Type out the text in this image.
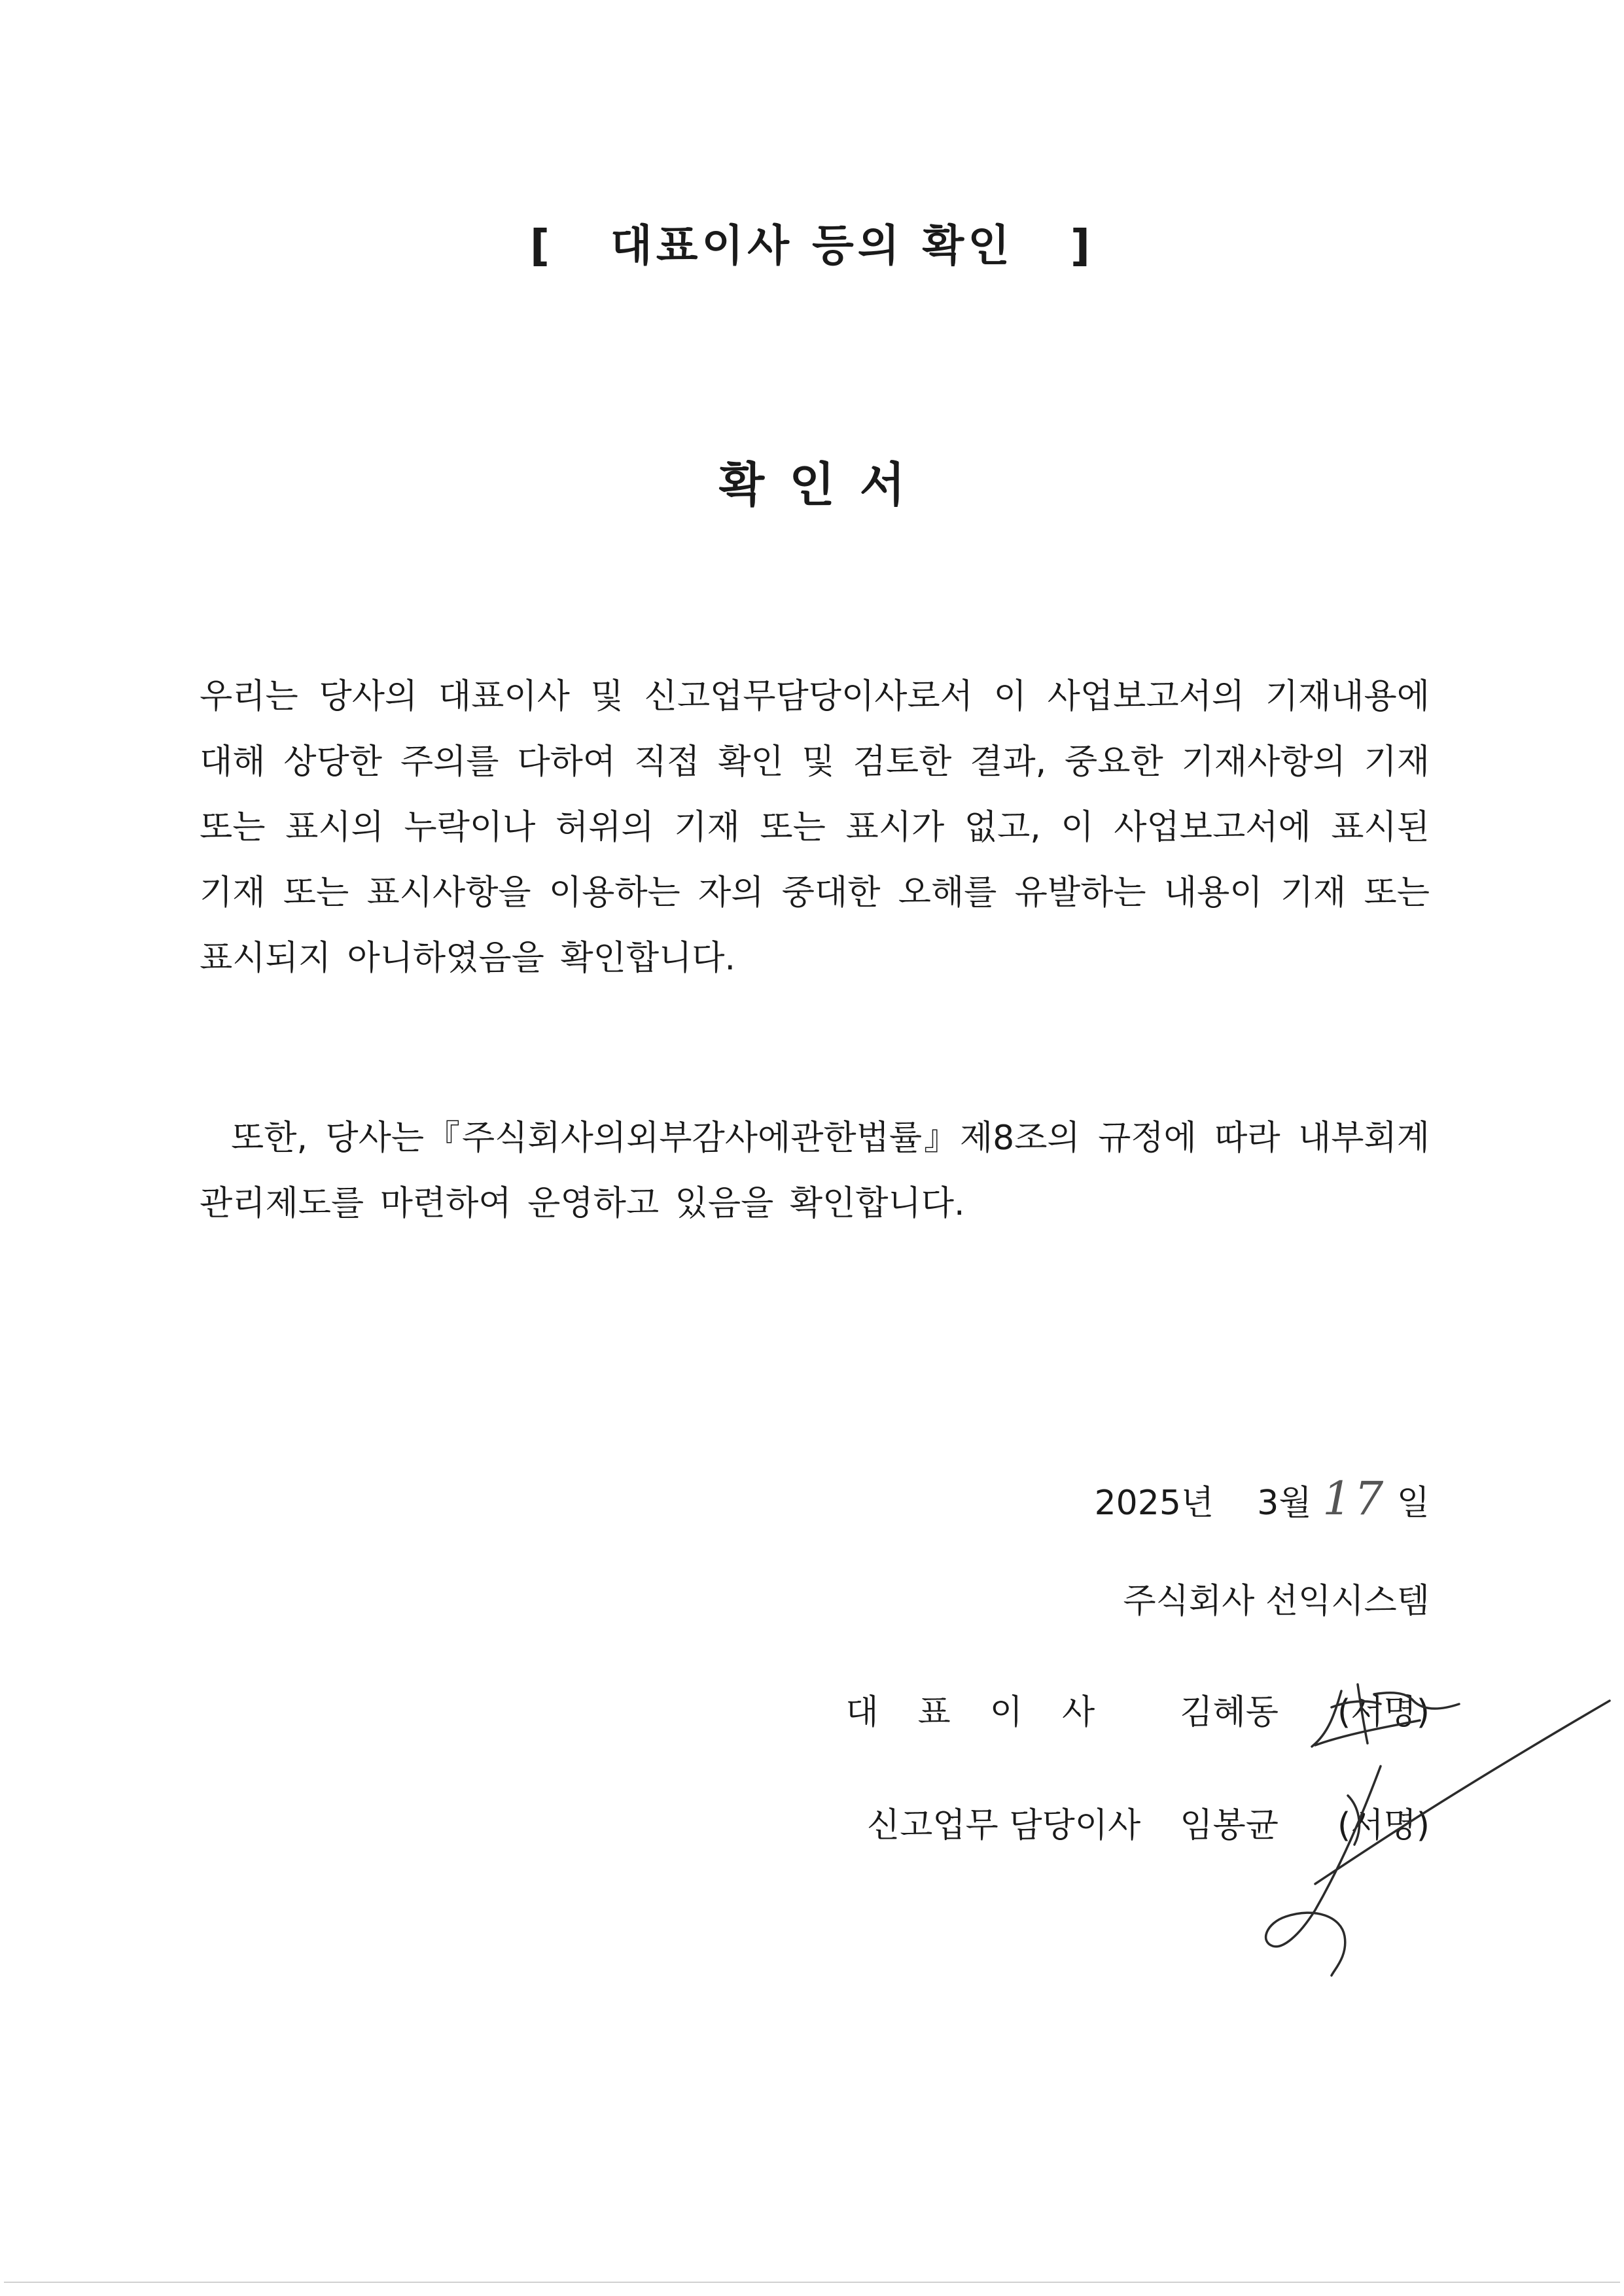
[   대표이사 등의 확인   ]
확인서
우리는 당사의 대표이사 및 신고업무담당이사로서 이 사업보고서의 기재내용에 대해 상당한 주의를 다하여 직접 확인 및 검토한 결과, 중요한 기재사항의 기재 또는 표시의 누락이나 허위의 기재 또는 표시가 없고, 이 사업보고서에 표시된 기재 또는 표시사항을 이용하는 자의 중대한 오해를 유발하는 내용이 기재 또는 표시되지 아니하였음을 확인합니다.
또한, 당사는『주식회사의외부감사에관한법률』제8조의 규정에 따라 내부회계관리제도를 마련하여 운영하고 있음을 확인합니다.
2025년 3월 17 일
주식회사 선익시스템
대표이사 김혜동 (서명)
신고업무 담당이사 임봉균 (서명)
